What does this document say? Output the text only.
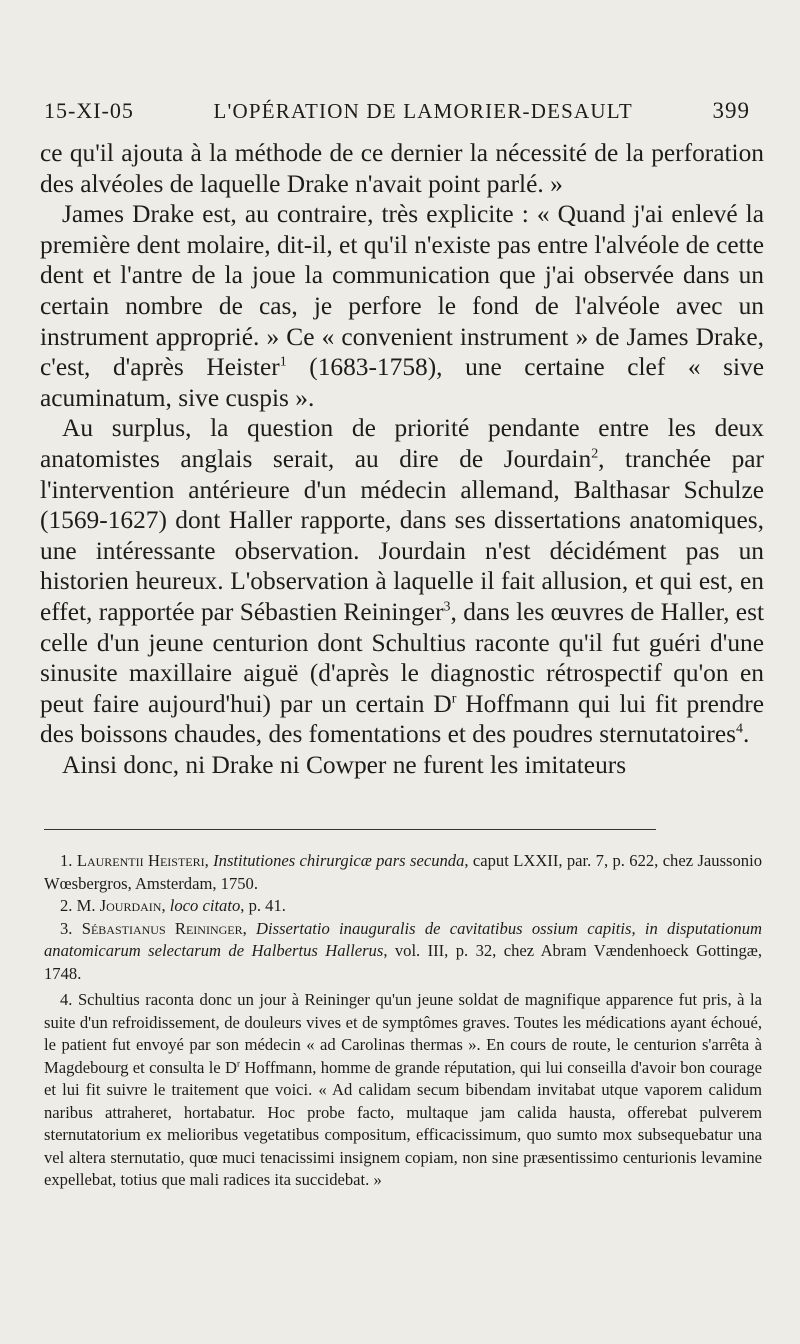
15-XI-05	L'OPÉRATION DE LAMORIER-DESAULT	399

ce qu'il ajouta à la méthode de ce dernier la nécessité de la perforation des alvéoles de laquelle Drake n'avait point parlé. »

James Drake est, au contraire, très explicite : « Quand j'ai enlevé la première dent molaire, dit-il, et qu'il n'existe pas entre l'alvéole de cette dent et l'antre de la joue la communication que j'ai observée dans un certain nombre de cas, je perfore le fond de l'alvéole avec un instrument approprié. » Ce « convenient instrument » de James Drake, c'est, d'après Heister$^1$ (1683-1758), une certaine clef « sive acuminatum, sive cuspis ».

Au surplus, la question de priorité pendante entre les deux anatomistes anglais serait, au dire de Jourdain$^2$, tranchée par l'intervention antérieure d'un médecin allemand, Balthasar Schulze (1569-1627) dont Haller rapporte, dans ses dissertations anatomiques, une intéressante observation. Jourdain n'est décidément pas un historien heureux. L'observation à laquelle il fait allusion, et qui est, en effet, rapportée par Sébastien Reininger$^3$, dans les œuvres de Haller, est celle d'un jeune centurion dont Schultius raconte qu'il fut guéri d'une sinusite maxillaire aiguë (d'après le diagnostic rétrospectif qu'on en peut faire aujourd'hui) par un certain $D^r$ Hoffmann qui lui fit prendre des boissons chaudes, des fomentations et des poudres sternutatoires$^4$.

Ainsi donc, ni Drake ni Cowper ne furent les imitateurs

1. Laurentii Heisteri, Institutiones chirurgicæ pars secunda, caput LXXII, par. 7, p. 622, chez Jaussonio Wœsbergros, Amsterdam, 1750.

2. M. Jourdain, loco citato, p. 41.

3. Sébastianus Reininger, Dissertatio inauguralis de cavitatibus ossium capitis, in disputationum anatomicarum selectarum de Halbertus Hallerus, vol. III, p. 32, chez Abram Vændenhoeck Gottingæ, 1748.

4. Schultius raconta donc un jour à Reininger qu'un jeune soldat de magnifique apparence fut pris, à la suite d'un refroidissement, de douleurs vives et de symptômes graves. Toutes les médications ayant échoué, le patient fut envoyé par son médecin « ad Carolinas thermas ». En cours de route, le centurion s'arrêta à Magdebourg et consulta le $D^r$ Hoffmann, homme de grande réputation, qui lui conseilla d'avoir bon courage et lui fit suivre le traitement que voici. « Ad calidam secum bibendam invitabat utque vaporem calidum naribus attraheret, hortabatur. Hoc probe facto, multaque jam calida hausta, offerebat pulverem sternutatorium ex melioribus vegetatibus compositum, efficacissimum, quo sumto mox subsequebatur una vel altera sternutatio, quœ muci tenacissimi insignem copiam, non sine præsentissimo centurionis levamine expellebat, totius que mali radices ita succidebat. »
